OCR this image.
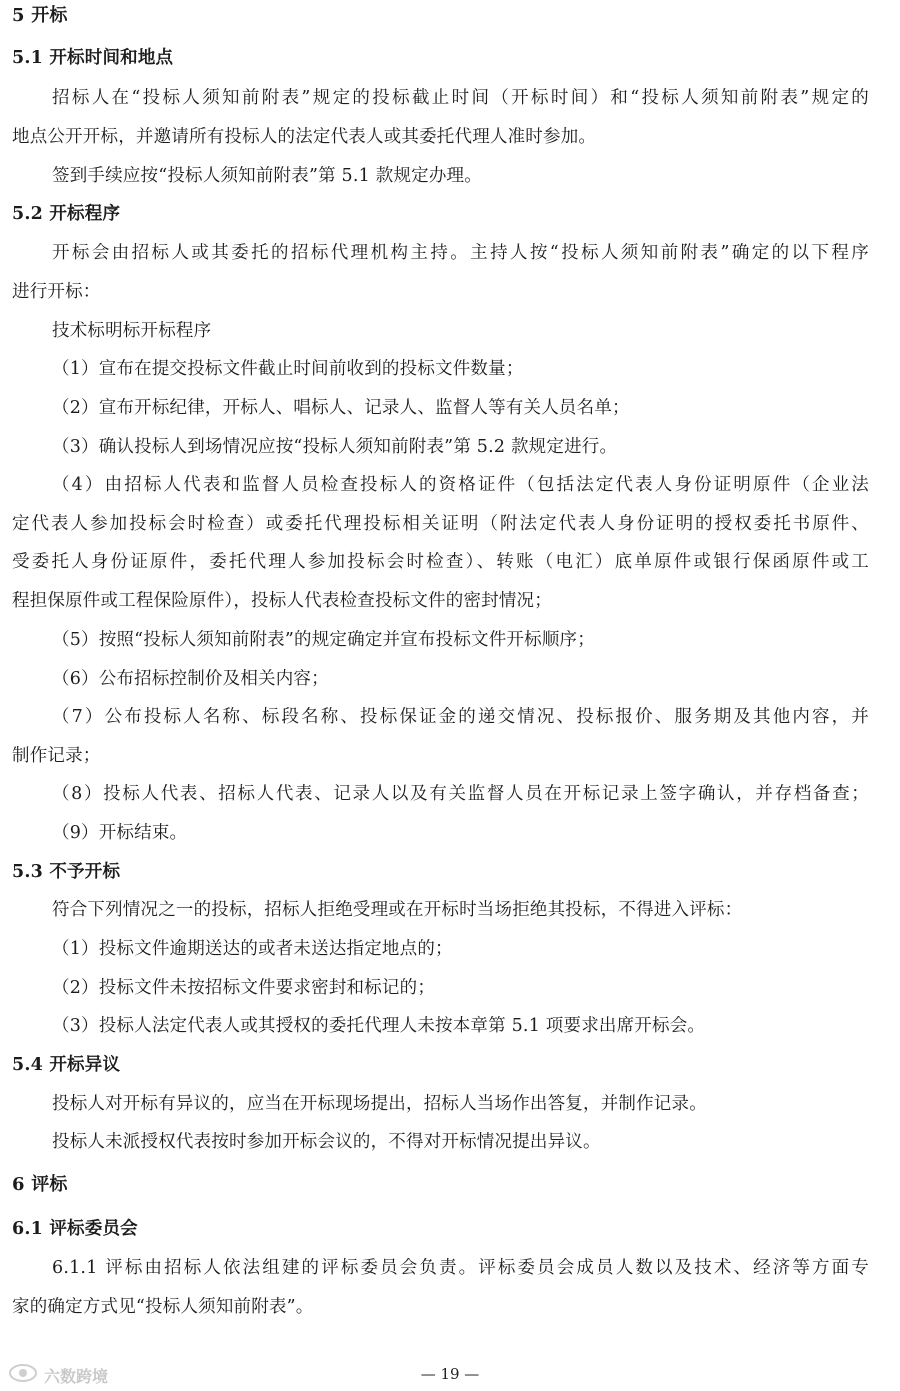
5 开标
5.1 开标时间和地点
招标人在“投标人须知前附表”规定的投标截止时间（开标时间）和“投标人须知前附表”规定的
地点公开开标，并邀请所有投标人的法定代表人或其委托代理人准时参加。
签到手续应按“投标人须知前附表”第 5.1 款规定办理。
5.2 开标程序
开标会由招标人或其委托的招标代理机构主持。主持人按“投标人须知前附表”确定的以下程序
进行开标：
技术标明标开标程序
（1）宣布在提交投标文件截止时间前收到的投标文件数量；
（2）宣布开标纪律，开标人、唱标人、记录人、监督人等有关人员名单；
（3）确认投标人到场情况应按“投标人须知前附表”第 5.2 款规定进行。
（4）由招标人代表和监督人员检查投标人的资格证件（包括法定代表人身份证明原件（企业法
定代表人参加投标会时检查）或委托代理投标相关证明（附法定代表人身份证明的授权委托书原件、
受委托人身份证原件，委托代理人参加投标会时检查）、转账（电汇）底单原件或银行保函原件或工
程担保原件或工程保险原件），投标人代表检查投标文件的密封情况；
（5）按照“投标人须知前附表”的规定确定并宣布投标文件开标顺序；
（6）公布招标控制价及相关内容；
（7）公布投标人名称、标段名称、投标保证金的递交情况、投标报价、服务期及其他内容，并
制作记录；
（8）投标人代表、招标人代表、记录人以及有关监督人员在开标记录上签字确认，并存档备查；
（9）开标结束。
5.3 不予开标
符合下列情况之一的投标，招标人拒绝受理或在开标时当场拒绝其投标，不得进入评标：
（1）投标文件逾期送达的或者未送达指定地点的；
（2）投标文件未按招标文件要求密封和标记的；
（3）投标人法定代表人或其授权的委托代理人未按本章第 5.1 项要求出席开标会。
5.4 开标异议
投标人对开标有异议的，应当在开标现场提出，招标人当场作出答复，并制作记录。
投标人未派授权代表按时参加开标会议的，不得对开标情况提出异议。
6 评标
6.1 评标委员会
6.1.1 评标由招标人依法组建的评标委员会负责。评标委员会成员人数以及技术、经济等方面专
家的确定方式见“投标人须知前附表”。
六数跨境	— 19 —
